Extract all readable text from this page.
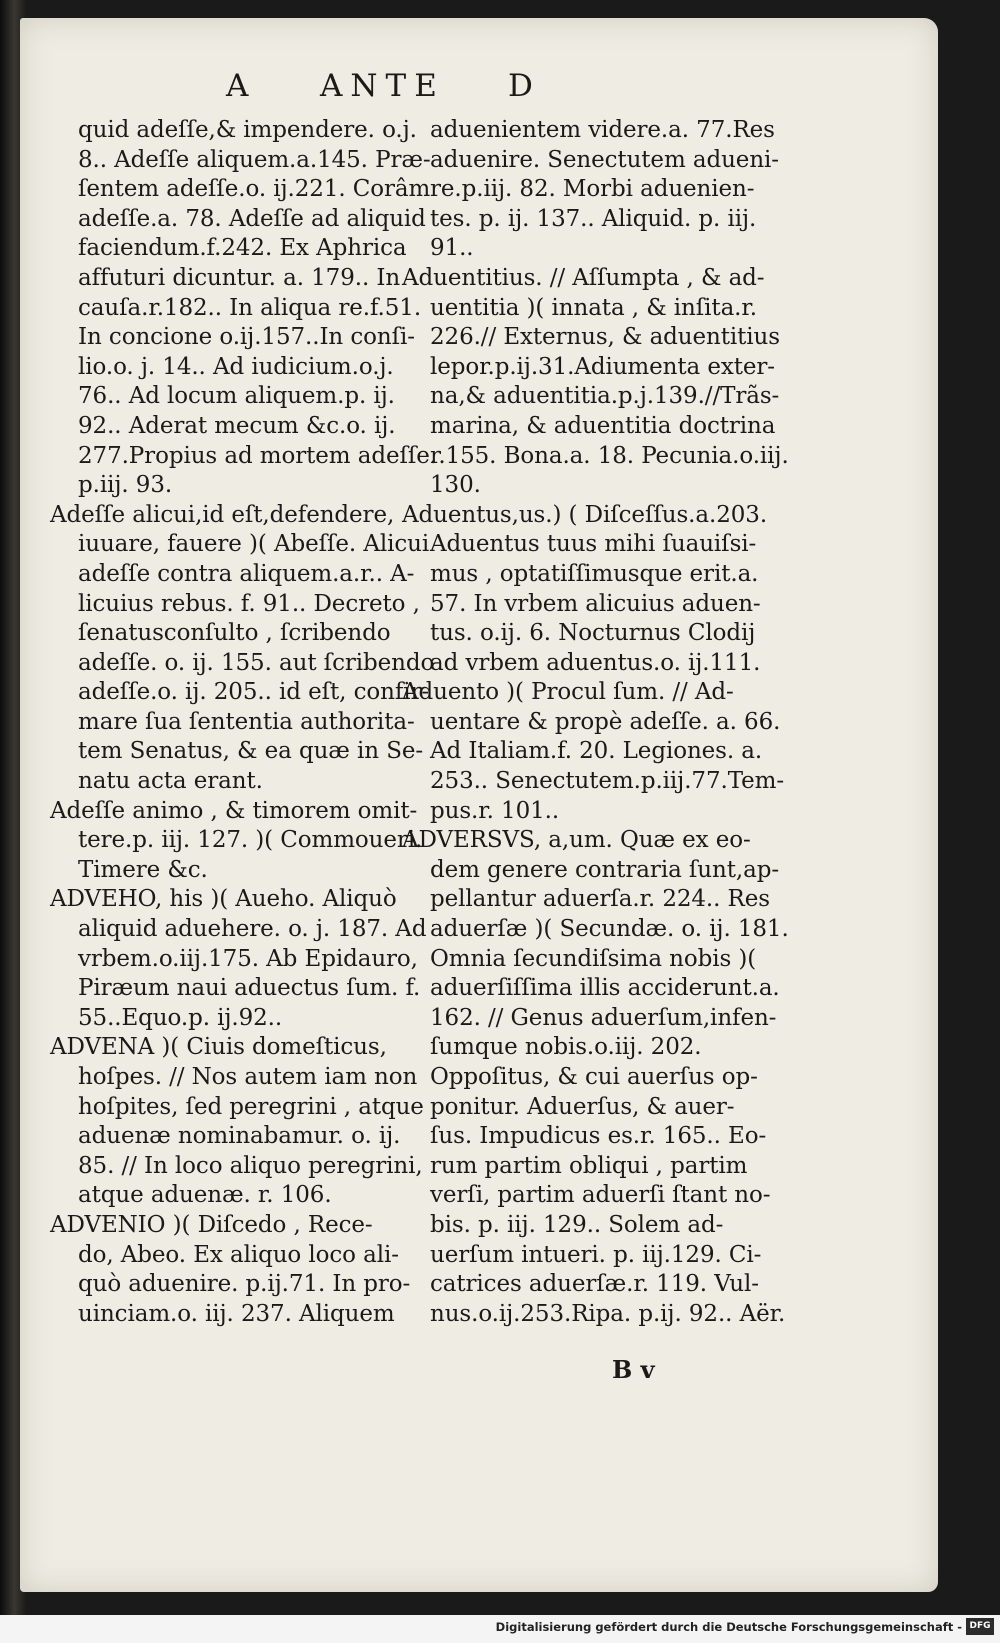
A ANTE D
quid adeſſe,& impendere. o.j.
8.. Adeſſe aliquem.a.145. Præ-
ſentem adeſſe.o. ij.221. Corâm
adeſſe.a. 78. Adeſſe ad aliquid
faciendum.f.242. Ex Aphrica
affuturi dicuntur. a. 179.. In
cauſa.r.182.. In aliqua re.f.51.
In concione o.ij.157..In conſi-
lio.o. j. 14.. Ad iudicium.o.j.
76.. Ad locum aliquem.p. ij.
92.. Aderat mecum &c.o. ij.
277.Propius ad mortem adeſſe.
p.iij. 93.
Adeſſe alicui,id eſt,defendere,
iuuare, fauere )( Abeſſe. Alicui
adeſſe contra aliquem.a.r.. A-
licuius rebus. f. 91.. Decreto ,
ſenatusconſulto , ſcribendo
adeſſe. o. ij. 155. aut ſcribendo
adeſſe.o. ij. 205.. id eſt, confir-
mare ſua ſententia authorita-
tem Senatus, & ea quæ in Se-
natu acta erant.
Adeſſe animo , & timorem omit-
tere.p. iij. 127. )( Commoueri.
Timere &c.
ADVEHO, his )( Aueho. Aliquò
aliquid aduehere. o. j. 187. Ad
vrbem.o.iij.175. Ab Epidauro,
Piræum naui aduectus ſum. f.
55..Equo.p. ij.92..
ADVENA )( Ciuis domeſticus,
hoſpes. // Nos autem iam non
hoſpites, ſed peregrini , atque
aduenæ nominabamur. o. ij.
85. // In loco aliquo peregrini,
atque aduenæ. r. 106.
ADVENIO )( Diſcedo , Rece-
do, Abeo. Ex aliquo loco ali-
quò aduenire. p.ij.71. In pro-
uinciam.o. iij. 237. Aliquem
aduenientem videre.a. 77.Res
aduenire. Senectutem adueni-
re.p.iij. 82. Morbi aduenien-
tes. p. ij. 137.. Aliquid. p. iij.
91..
Aduentitius. // Aſſumpta , & ad-
uentitia )( innata , & inſita.r.
226.// Externus, & aduentitius
lepor.p.ij.31.Adiumenta exter-
na,& aduentitia.p.j.139.//Trãs-
marina, & aduentitia doctrina
r.155. Bona.a. 18. Pecunia.o.iij.
130.
Aduentus,us.) ( Diſceſſus.a.203.
Aduentus tuus mihi ſuauiſsi-
mus , optatiſſimusque erit.a.
57. In vrbem alicuius aduen-
tus. o.ij. 6. Nocturnus Clodij
ad vrbem aduentus.o. ij.111.
Aduento )( Procul ſum. // Ad-
uentare & propè adeſſe. a. 66.
Ad Italiam.f. 20. Legiones. a.
253.. Senectutem.p.iij.77.Tem-
pus.r. 101..
ADVERSVS, a,um. Quæ ex eo-
dem genere contraria ſunt,ap-
pellantur aduerſa.r. 224.. Res
aduerſæ )( Secundæ. o. ij. 181.
Omnia ſecundiſsima nobis )(
aduerſiſſima illis acciderunt.a.
162. // Genus aduerſum,infen-
ſumque nobis.o.iij. 202.
Oppoſitus, & cui auerſus op-
ponitur. Aduerſus, & auer-
ſus. Impudicus es.r. 165.. Eo-
rum partim obliqui , partim
verſi, partim aduerſi ſtant no-
bis. p. iij. 129.. Solem ad-
uerſum intueri. p. iij.129. Ci-
catrices aduerſæ.r. 119. Vul-
nus.o.ij.253.Ripa. p.ij. 92.. Aër.
B v
Digitalisierung gefördert durch die Deutsche Forschungsgemeinschaft - DFG
